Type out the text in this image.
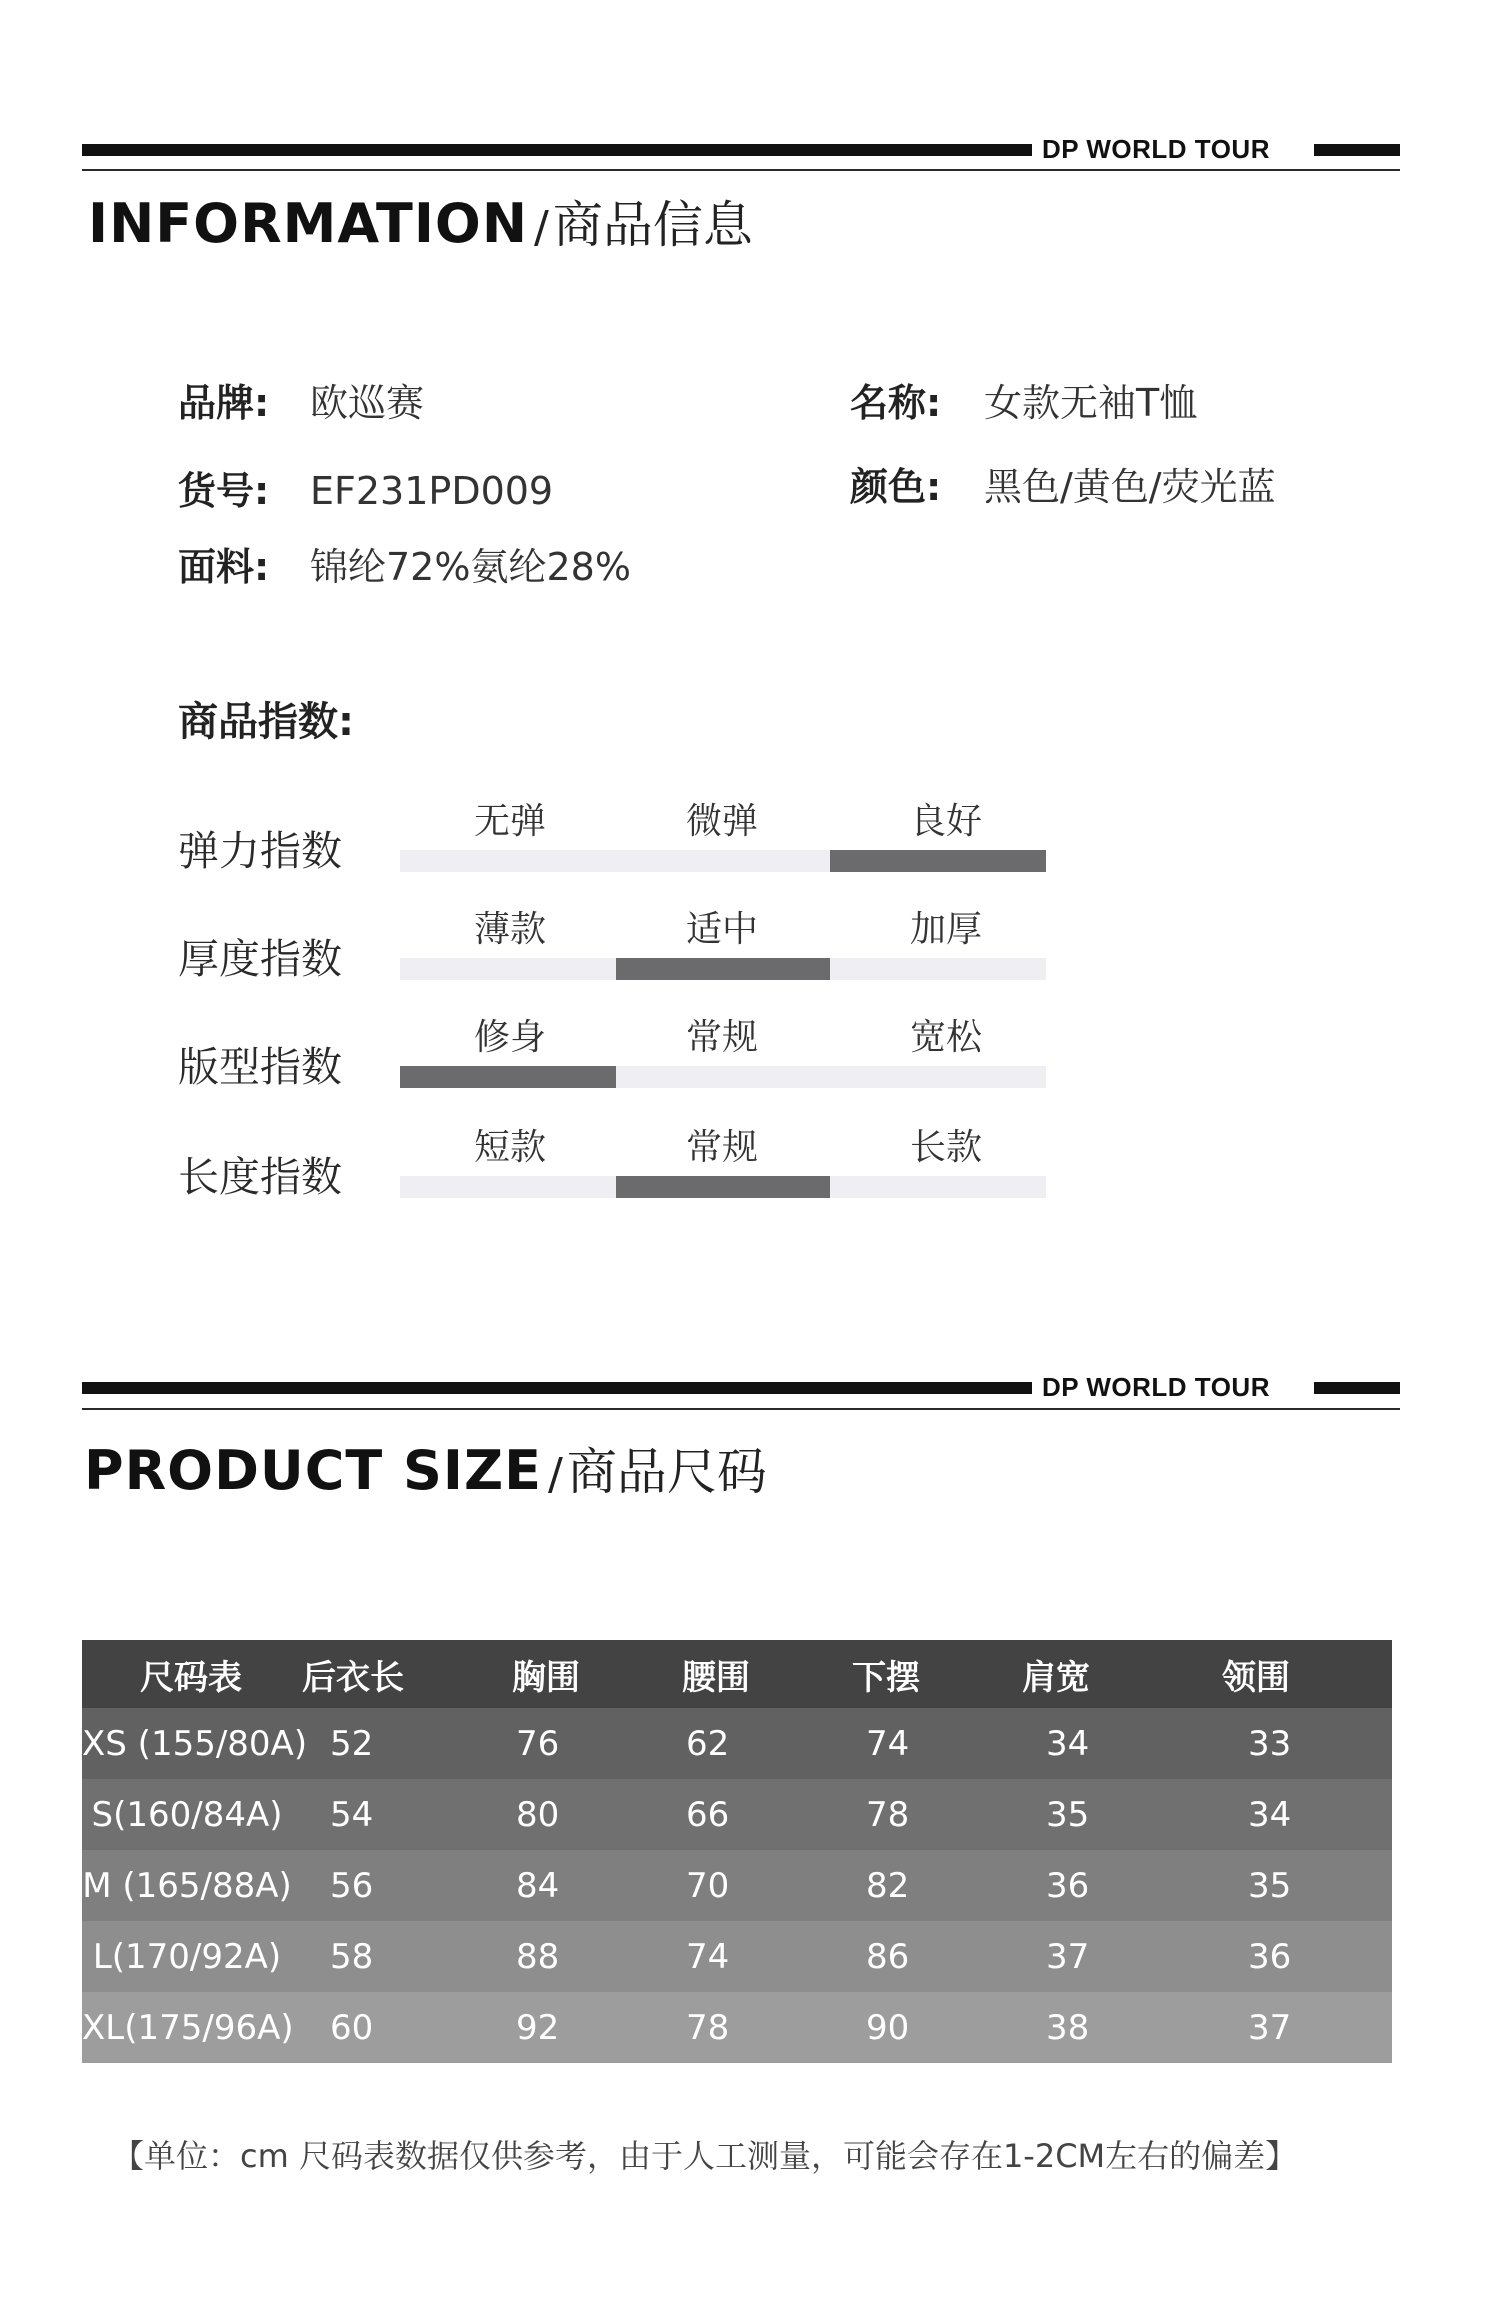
DP WORLD TOUR
INFORMATION /商品信息
品牌: 欧巡赛	名称: 女款无袖T恤
货号: EF231PD009	颜色: 黑色/黄色/荧光蓝
面料: 锦纶72%氨纶28%
商品指数:
弹力指数
无弹	微弹	良好
厚度指数
薄款	适中	加厚
版型指数
修身	常规	宽松
长度指数
短款	常规	长款
DP WORLD TOUR
PRODUCT SIZE /商品尺码
尺码表	后衣长	胸围	腰围	下摆	肩宽	领围
XS (155/80A)	52	76	62	74	34	33
S(160/84A)	54	80	66	78	35	34
M (165/88A)	56	84	70	82	36	35
L(170/92A)	58	88	74	86	37	36
XL(175/96A)	60	92	78	90	38	37
【单位：cm 尺码表数据仅供参考，由于人工测量，可能会存在1-2CM左右的偏差】
